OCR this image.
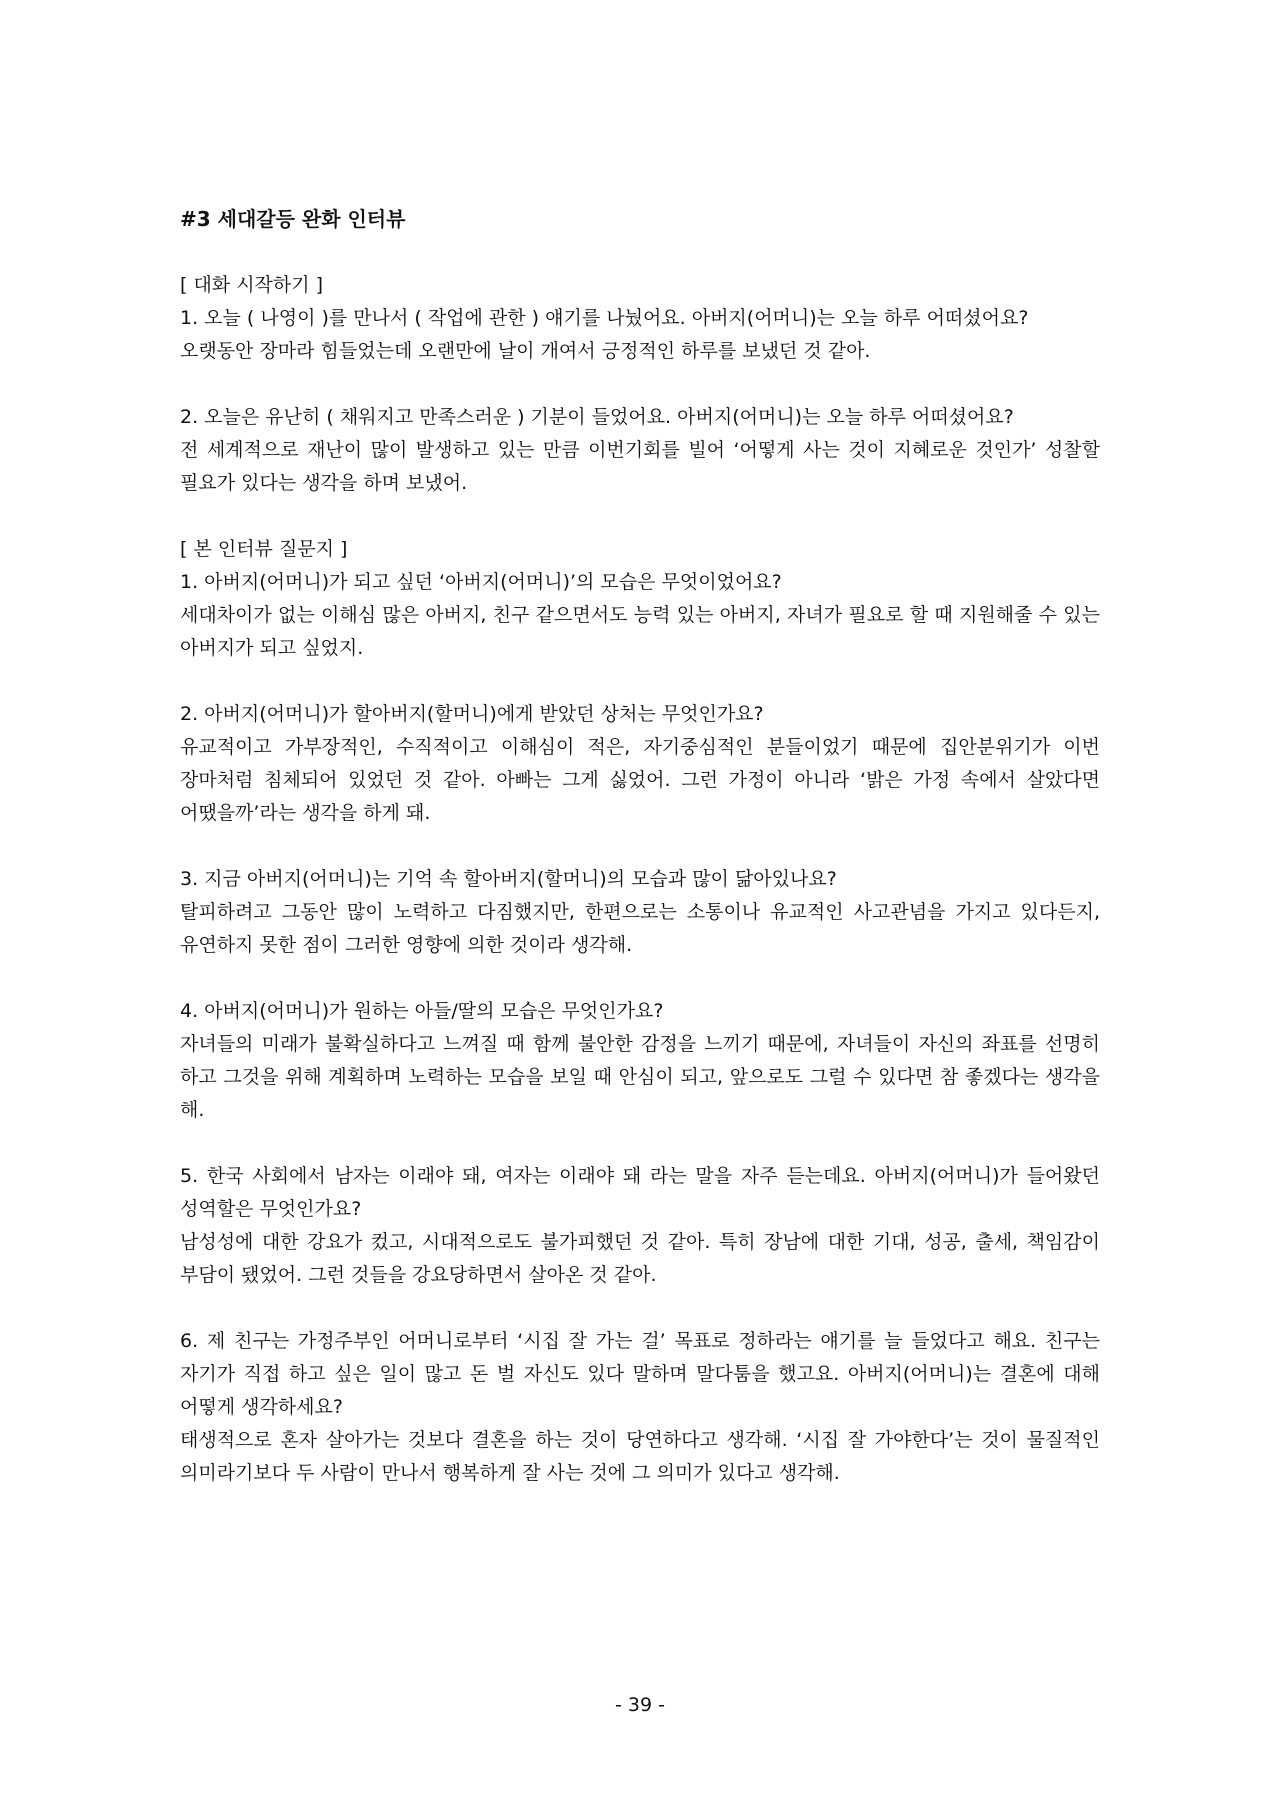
#3 세대갈등 완화 인터뷰

[ 대화 시작하기 ]

1. 오늘 ( 나영이 )를 만나서 ( 작업에 관한 ) 얘기를 나눴어요. 아버지(어머니)는 오늘 하루 어떠셨어요?

오랫동안 장마라 힘들었는데 오랜만에 날이 개여서 긍정적인 하루를 보냈던 것 같아.

2. 오늘은 유난히 ( 채워지고 만족스러운 ) 기분이 들었어요. 아버지(어머니)는 오늘 하루 어떠셨어요?

전 세계적으로 재난이 많이 발생하고 있는 만큼 이번기회를 빌어 ‘어떻게 사는 것이 지혜로운 것인가’ 성찰할 필요가 있다는 생각을 하며 보냈어.

[ 본 인터뷰 질문지 ]

1. 아버지(어머니)가 되고 싶던 ‘아버지(어머니)’의 모습은 무엇이었어요?

세대차이가 없는 이해심 많은 아버지, 친구 같으면서도 능력 있는 아버지, 자녀가 필요로 할 때 지원해줄 수 있는 아버지가 되고 싶었지.

2. 아버지(어머니)가 할아버지(할머니)에게 받았던 상처는 무엇인가요?

유교적이고 가부장적인, 수직적이고 이해심이 적은, 자기중심적인 분들이었기 때문에 집안분위기가 이번 장마처럼 침체되어 있었던 것 같아. 아빠는 그게 싫었어. 그런 가정이 아니라 ‘밝은 가정 속에서 살았다면 어땠을까’라는 생각을 하게 돼.

3. 지금 아버지(어머니)는 기억 속 할아버지(할머니)의 모습과 많이 닮아있나요?

탈피하려고 그동안 많이 노력하고 다짐했지만, 한편으로는 소통이나 유교적인 사고관념을 가지고 있다든지, 유연하지 못한 점이 그러한 영향에 의한 것이라 생각해.

4. 아버지(어머니)가 원하는 아들/딸의 모습은 무엇인가요?

자녀들의 미래가 불확실하다고 느껴질 때 함께 불안한 감정을 느끼기 때문에, 자녀들이 자신의 좌표를 선명히 하고 그것을 위해 계획하며 노력하는 모습을 보일 때 안심이 되고, 앞으로도 그럴 수 있다면 참 좋겠다는 생각을 해.

5. 한국 사회에서 남자는 이래야 돼, 여자는 이래야 돼 라는 말을 자주 듣는데요. 아버지(어머니)가 들어왔던 성역할은 무엇인가요?

남성성에 대한 강요가 컸고, 시대적으로도 불가피했던 것 같아. 특히 장남에 대한 기대, 성공, 출세, 책임감이 부담이 됐었어. 그런 것들을 강요당하면서 살아온 것 같아.

6. 제 친구는 가정주부인 어머니로부터 ‘시집 잘 가는 걸’ 목표로 정하라는 얘기를 늘 들었다고 해요. 친구는 자기가 직접 하고 싶은 일이 많고 돈 벌 자신도 있다 말하며 말다툼을 했고요. 아버지(어머니)는 결혼에 대해 어떻게 생각하세요?

태생적으로 혼자 살아가는 것보다 결혼을 하는 것이 당연하다고 생각해. ‘시집 잘 가야한다’는 것이 물질적인 의미라기보다 두 사람이 만나서 행복하게 잘 사는 것에 그 의미가 있다고 생각해.

- 39 -
